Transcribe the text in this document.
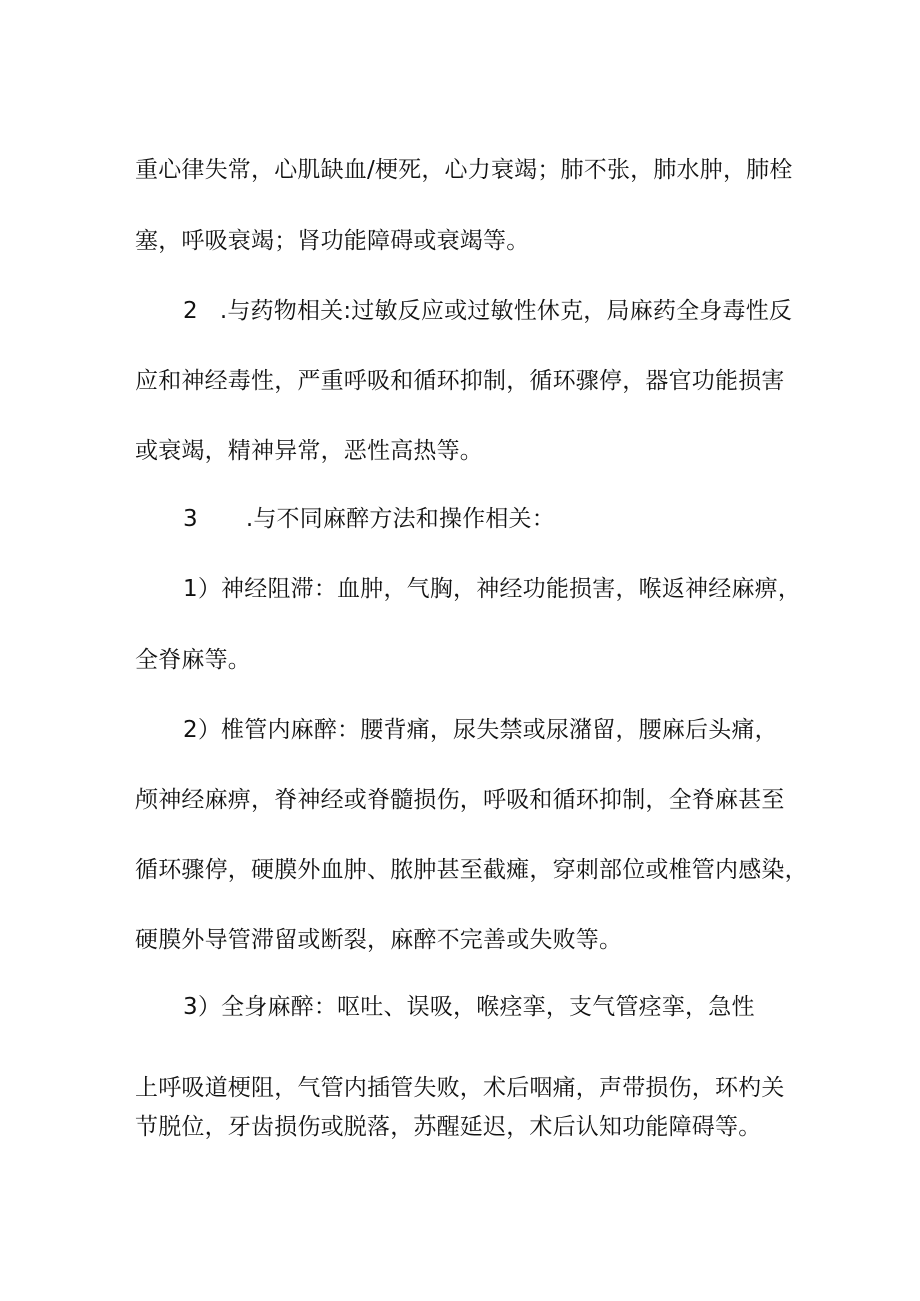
重心律失常，心肌缺血/梗死，心力衰竭；肺不张，肺水肿，肺栓

塞，呼吸衰竭；肾功能障碍或衰竭等。

2 .与药物相关:过敏反应或过敏性休克，局麻药全身毒性反

应和神经毒性，严重呼吸和循环抑制，循环骤停，器官功能损害

或衰竭，精神异常，恶性高热等。

3 .与不同麻醉方法和操作相关：

1）神经阻滞：血肿，气胸，神经功能损害，喉返神经麻痹，

全脊麻等。

2）椎管内麻醉：腰背痛，尿失禁或尿潴留，腰麻后头痛，

颅神经麻痹，脊神经或脊髓损伤，呼吸和循环抑制，全脊麻甚至

循环骤停，硬膜外血肿、脓肿甚至截瘫，穿刺部位或椎管内感染，

硬膜外导管滞留或断裂，麻醉不完善或失败等。

3）全身麻醉：呕吐、误吸，喉痉挛，支气管痉挛，急性

上呼吸道梗阻，气管内插管失败，术后咽痛，声带损伤，环杓关

节脱位，牙齿损伤或脱落，苏醒延迟，术后认知功能障碍等。
